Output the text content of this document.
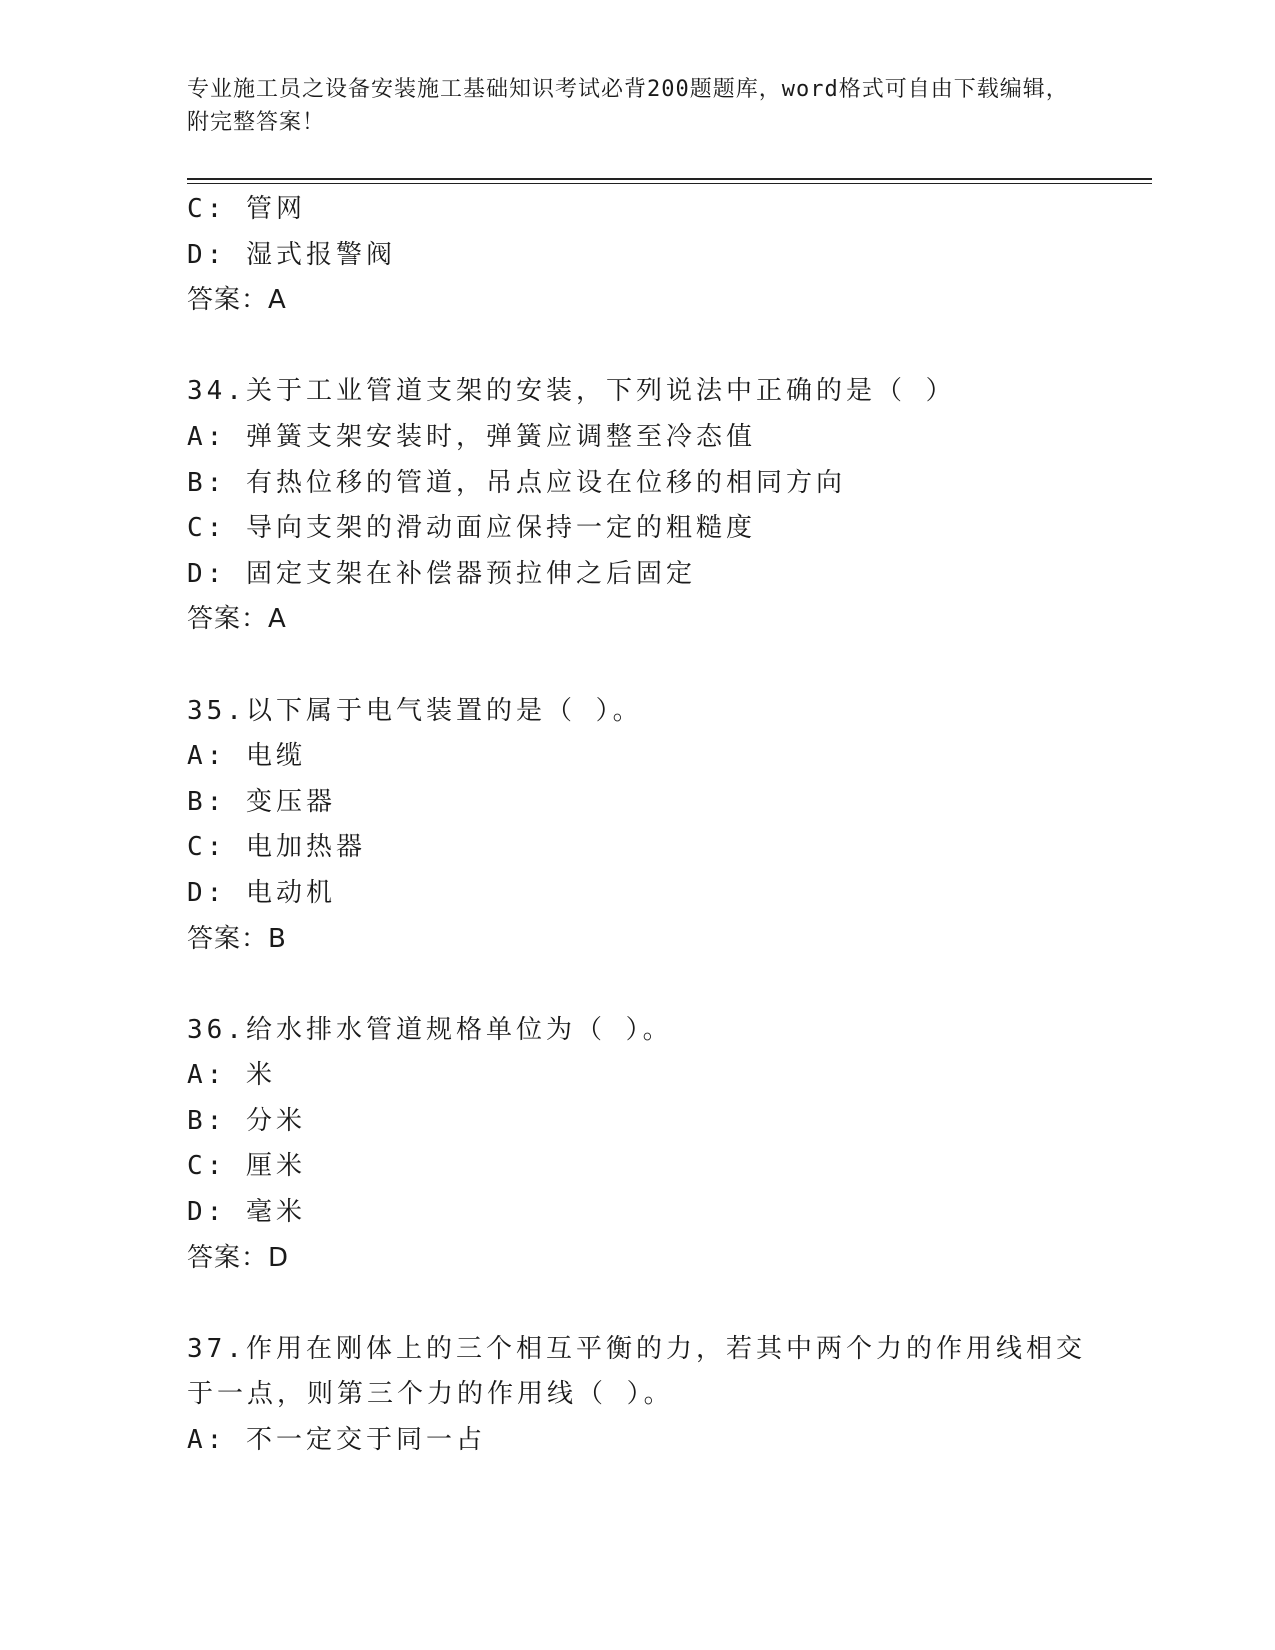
专业施工员之设备安装施工基础知识考试必背200题题库，word格式可自由下载编辑，附完整答案！
C: 管网
D: 湿式报警阀
答案：A
34.关于工业管道支架的安装，下列说法中正确的是（ ）
A: 弹簧支架安装时，弹簧应调整至冷态值
B: 有热位移的管道，吊点应设在位移的相同方向
C: 导向支架的滑动面应保持一定的粗糙度
D: 固定支架在补偿器预拉伸之后固定
答案：A
35.以下属于电气装置的是（ ）。
A: 电缆
B: 变压器
C: 电加热器
D: 电动机
答案：B
36.给水排水管道规格单位为（ ）。
A: 米
B: 分米
C: 厘米
D: 毫米
答案：D
37.作用在刚体上的三个相互平衡的力，若其中两个力的作用线相交于一点，则第三个力的作用线（ ）。
A: 不一定交于同一占
